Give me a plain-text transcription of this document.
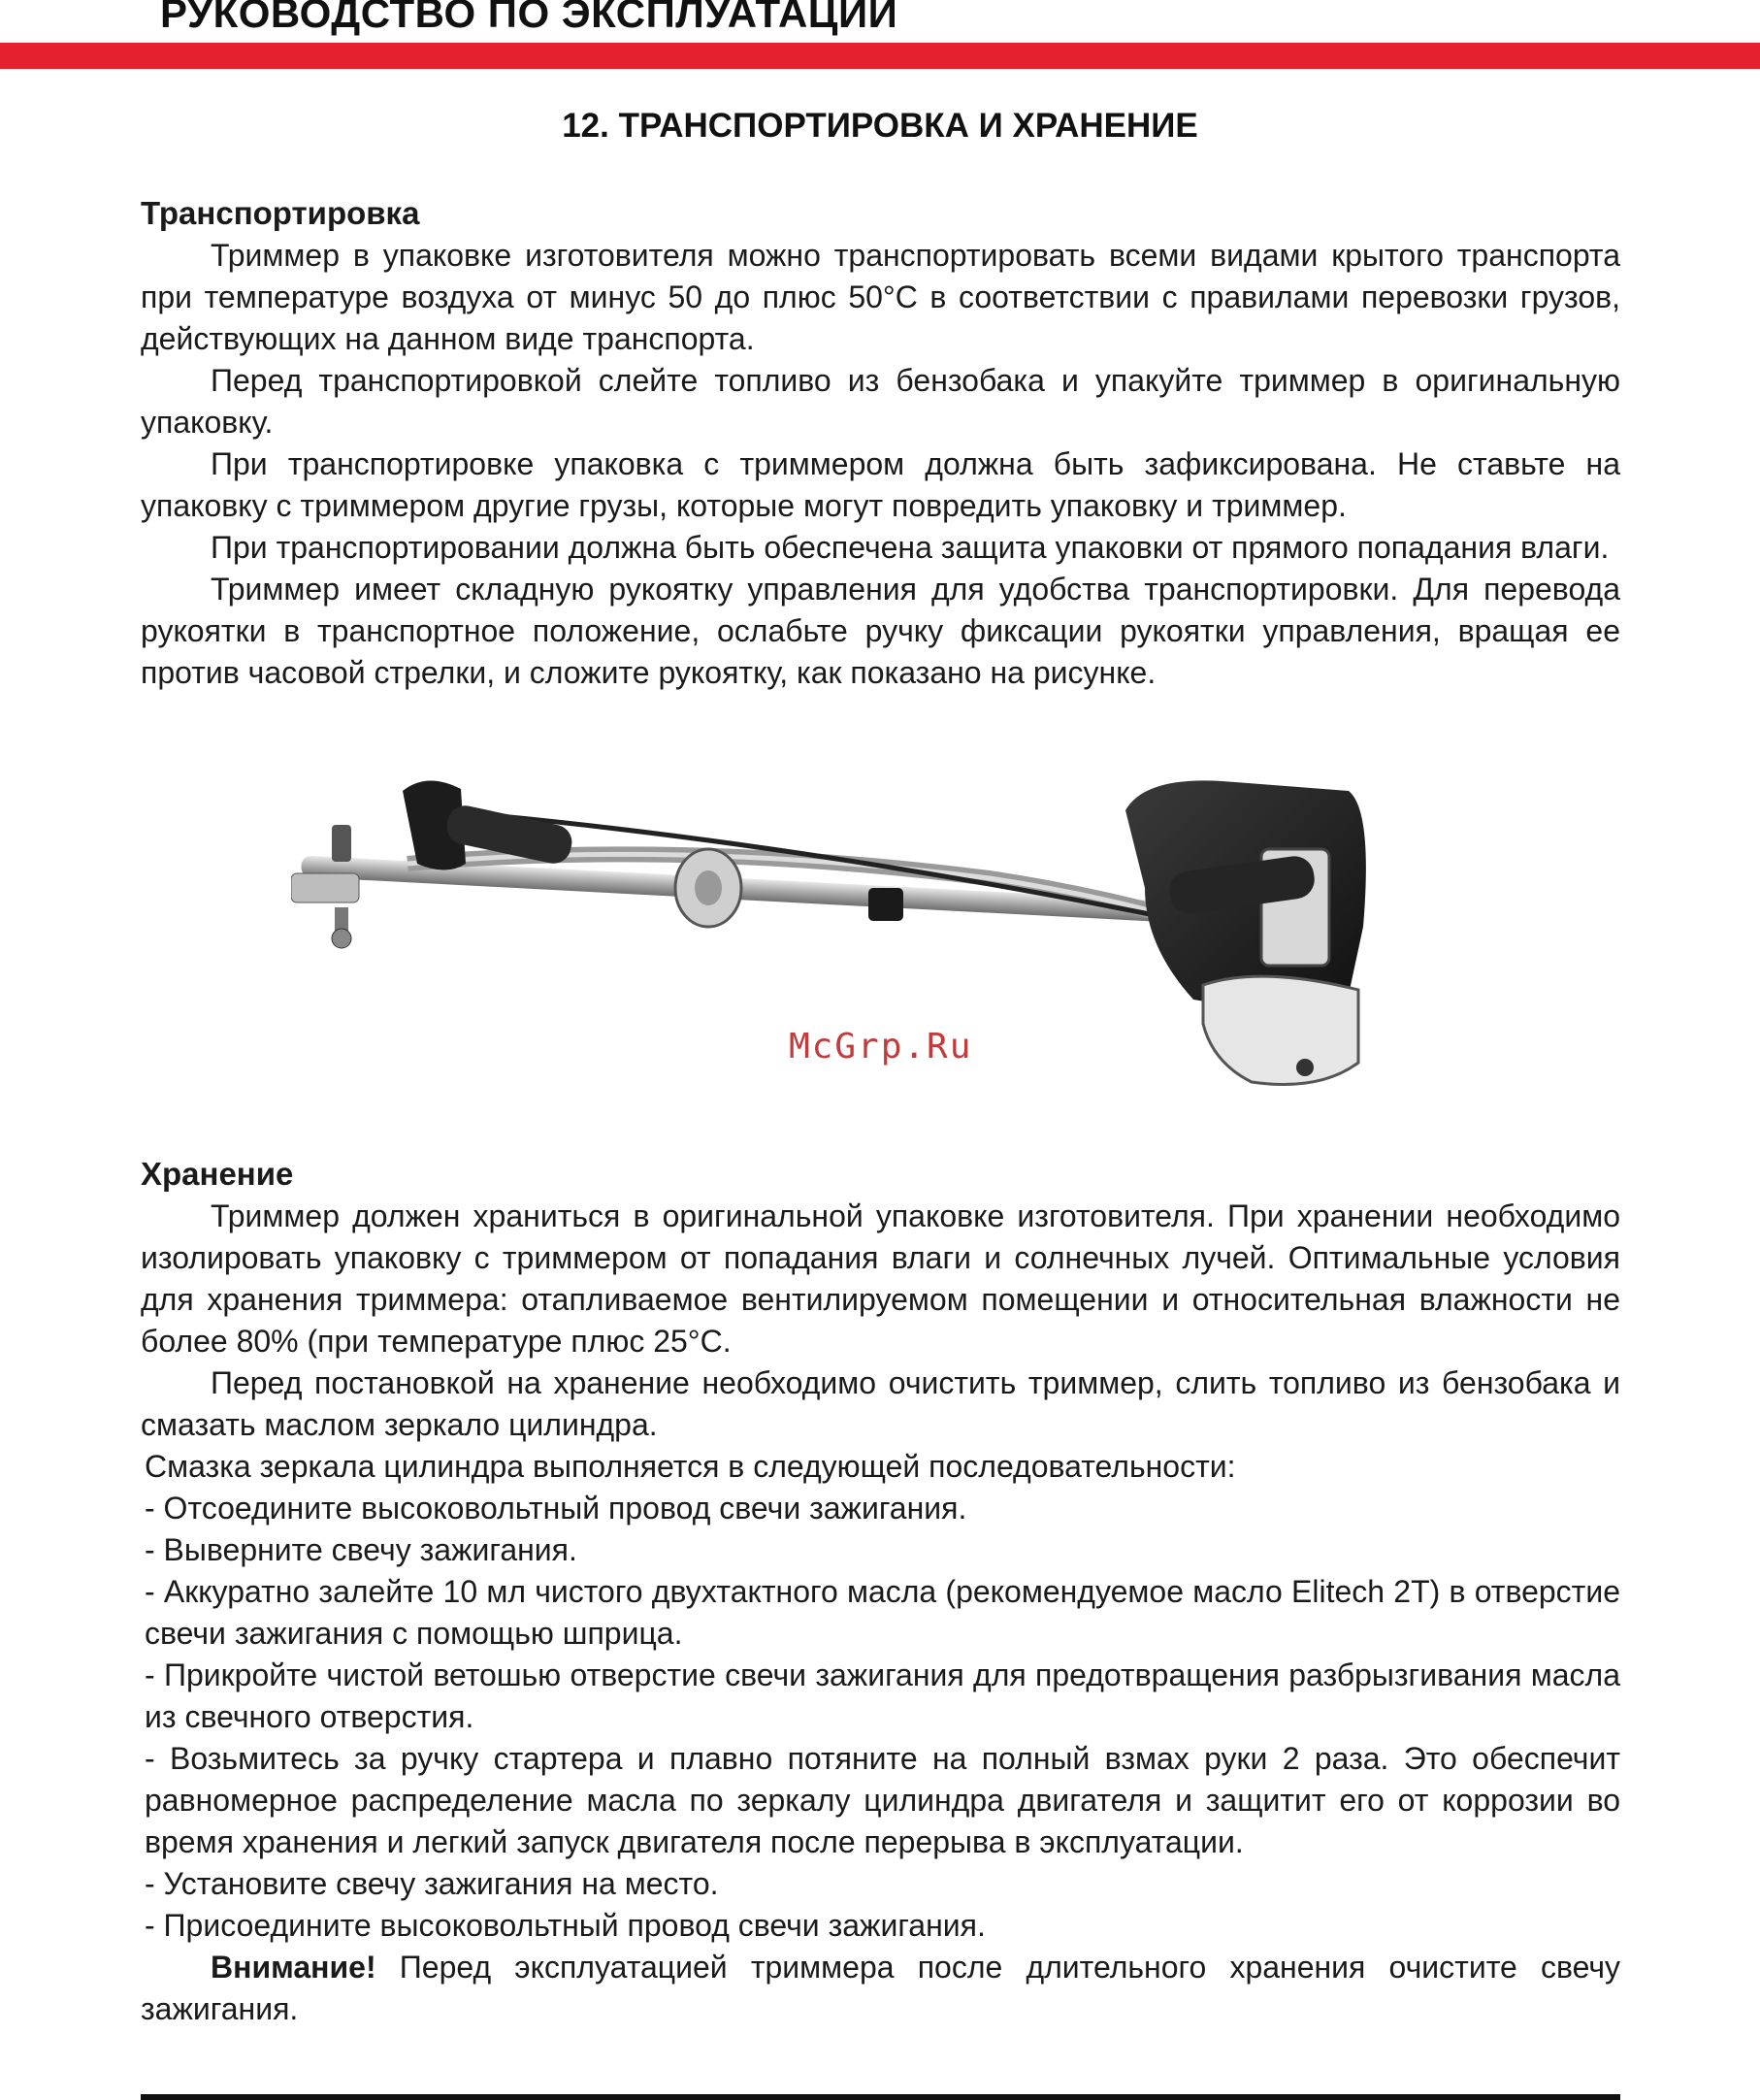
РУКОВОДСТВО ПО ЭКСПЛУАТАЦИИ
12. ТРАНСПОРТИРОВКА И ХРАНЕНИЕ
Транспортировка

Триммер в упаковке изготовителя можно транспортировать всеми видами крытого транспорта при температуре воздуха от минус 50 до плюс 50°С в соответствии с правилами перевозки грузов, действующих на данном виде транспорта.

Перед транспортировкой слейте топливо из бензобака и упакуйте триммер в оригинальную упаковку.

При транспортировке упаковка с триммером должна быть зафиксирована. Не ставьте на упаковку с триммером другие грузы, которые могут повредить упаковку и триммер.

При транспортировании должна быть обеспечена защита упаковки от прямого попадания влаги.

Триммер имеет складную рукоятку управления для удобства транспортировки. Для перевода рукоятки в транспортное положение, ослабьте ручку фиксации рукоятки управления, вращая ее против часовой стрелки, и сложите рукоятку, как показано на рисунке.

McGrp.Ru
Хранение

Триммер должен храниться в оригинальной упаковке изготовителя. При хранении необходимо изолировать упаковку с триммером от попадания влаги и солнечных лучей. Оптимальные условия для хранения триммера: отапливаемое вентилируемом помещении и относительная влажности не более 80% (при температуре плюс 25°С.

Перед постановкой на хранение необходимо очистить триммер, слить топливо из бензобака и смазать маслом зеркало цилиндра.

Смазка зеркала цилиндра выполняется в следующей последовательности:

- Отсоедините высоковольтный провод свечи зажигания.

- Выверните свечу зажигания.

- Аккуратно залейте 10 мл чистого двухтактного масла (рекомендуемое масло Elitech 2T) в отверстие свечи зажигания с помощью шприца.

- Прикройте чистой ветошью отверстие свечи зажигания для предотвращения разбрызгивания масла из свечного отверстия.

- Возьмитесь за ручку стартера и плавно потяните на полный взмах руки 2 раза. Это обеспечит равномерное распределение масла по зеркалу цилиндра двигателя и защитит его от коррозии во время хранения и легкий запуск двигателя после перерыва в эксплуатации.

- Установите свечу зажигания на место.

- Присоедините высоковольтный провод свечи зажигания.

Внимание! Перед эксплуатацией триммера после длительного хранения очистите свечу зажигания.
